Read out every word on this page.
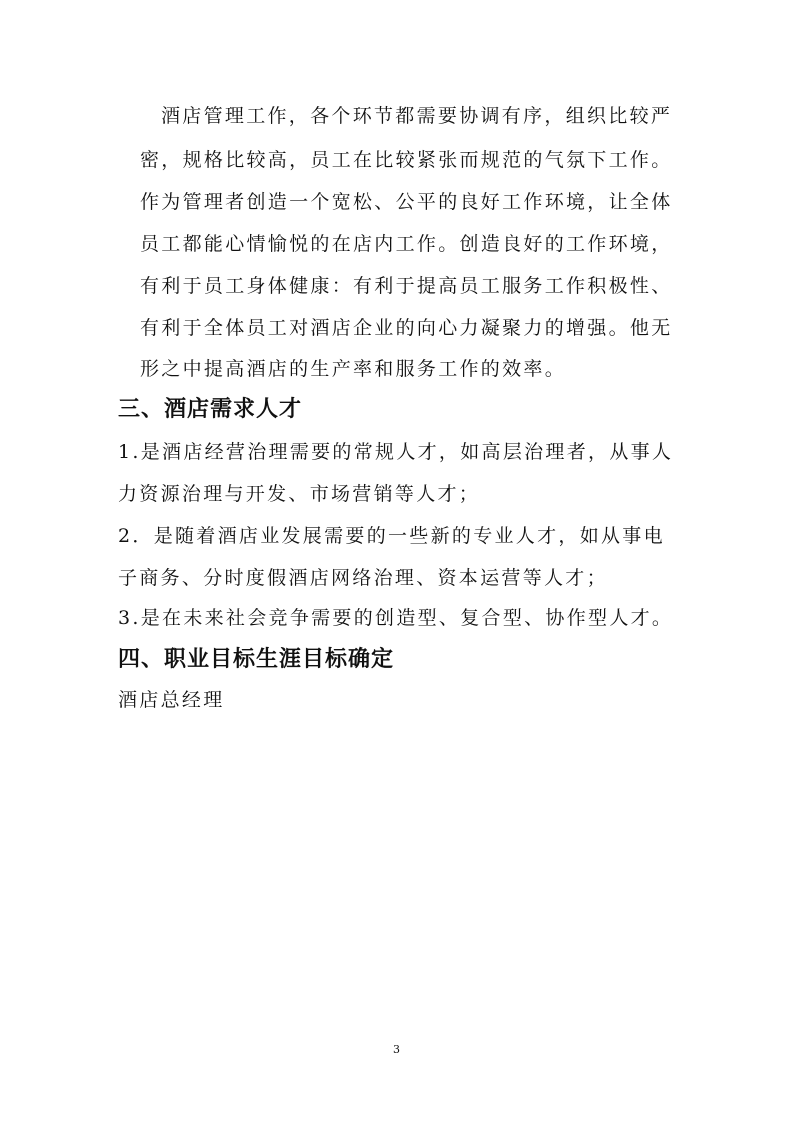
酒店管理工作，各个环节都需要协调有序，组织比较严
密，规格比较高，员工在比较紧张而规范的气氛下工作。
作为管理者创造一个宽松、公平的良好工作环境，让全体
员工都能心情愉悦的在店内工作。创造良好的工作环境，
有利于员工身体健康：有利于提高员工服务工作积极性、
有利于全体员工对酒店企业的向心力凝聚力的增强。他无
形之中提高酒店的生产率和服务工作的效率。
三、酒店需求人才
1.是酒店经营治理需要的常规人才，如高层治理者，从事人
力资源治理与开发、市场营销等人才；
2．是随着酒店业发展需要的一些新的专业人才，如从事电
子商务、分时度假酒店网络治理、资本运营等人才；
3.是在未来社会竞争需要的创造型、复合型、协作型人才。
四、职业目标生涯目标确定
酒店总经理
3
